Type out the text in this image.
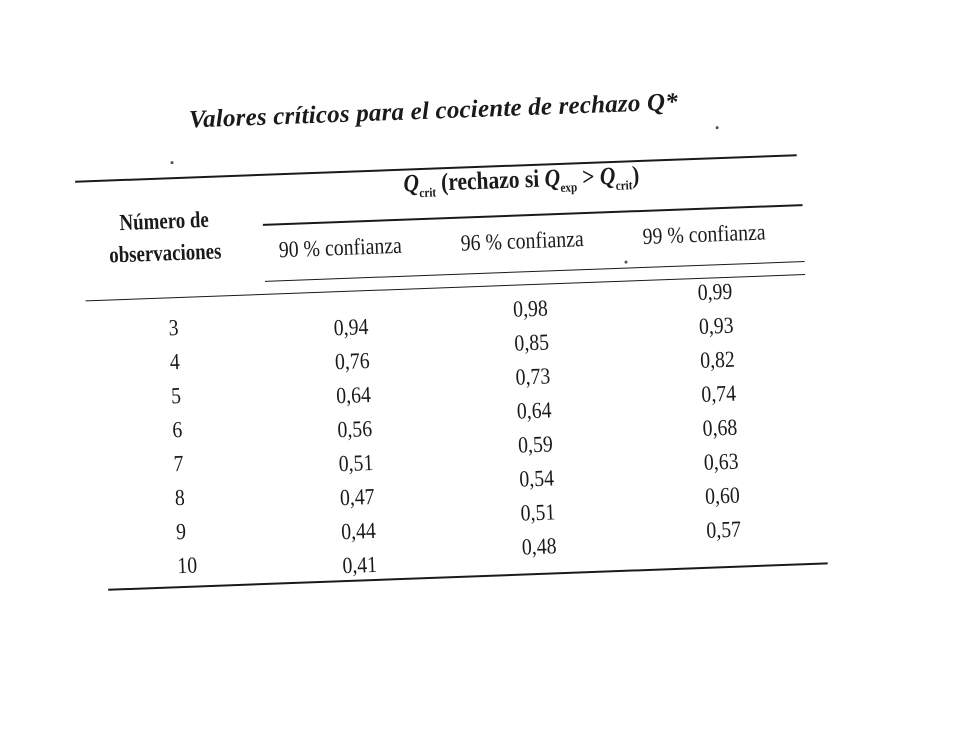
Valores críticos para el cociente de rechazo Q*
Número de
observaciones
$Q_{crit}$ (rechazo si $Q_{exp} > Q_{crit}$)
90 % confianza	96 % confianza	99 % confianza
3
4
5
6
7
8
9
10
0,94
0,76
0,64
0,56
0,51
0,47
0,44
0,41
0,98
0,85
0,73
0,64
0,59
0,54
0,51
0,48
0,99
0,93
0,82
0,74
0,68
0,63
0,60
0,57
